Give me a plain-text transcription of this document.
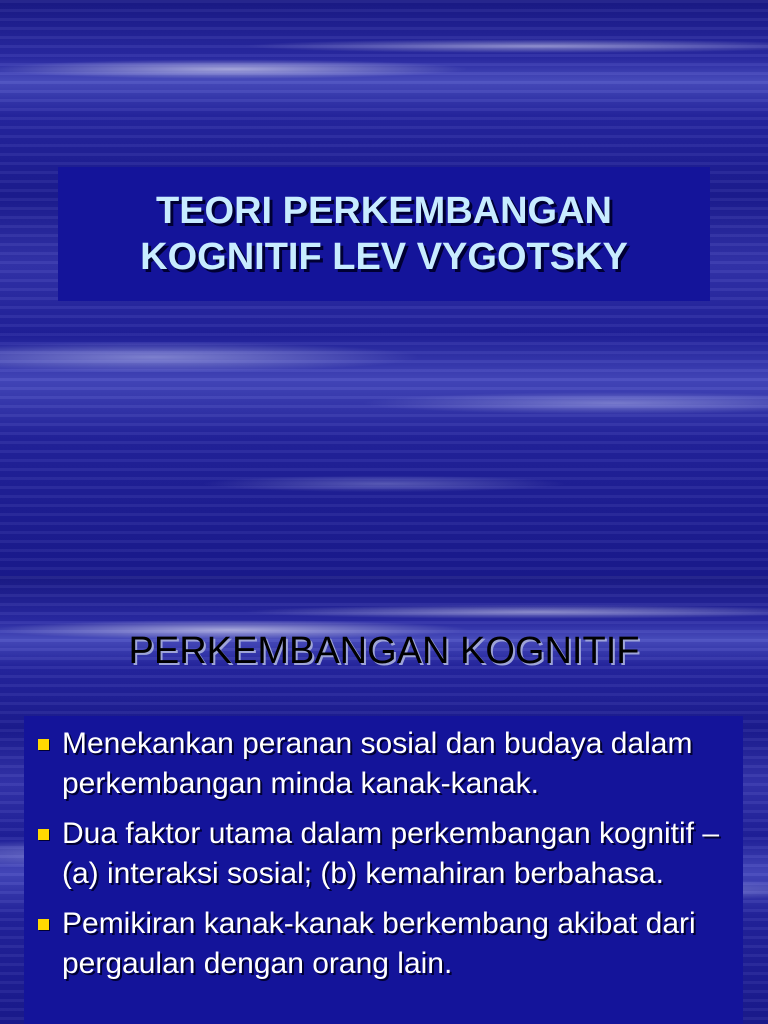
TEORI PERKEMBANGAN
KOGNITIF LEV VYGOTSKY
PERKEMBANGAN KOGNITIF
Menekankan peranan sosial dan budaya dalam perkembangan minda kanak-kanak.
Dua faktor utama dalam perkembangan kognitif – (a) interaksi sosial; (b) kemahiran berbahasa.
Pemikiran kanak-kanak berkembang akibat dari pergaulan dengan orang lain.
